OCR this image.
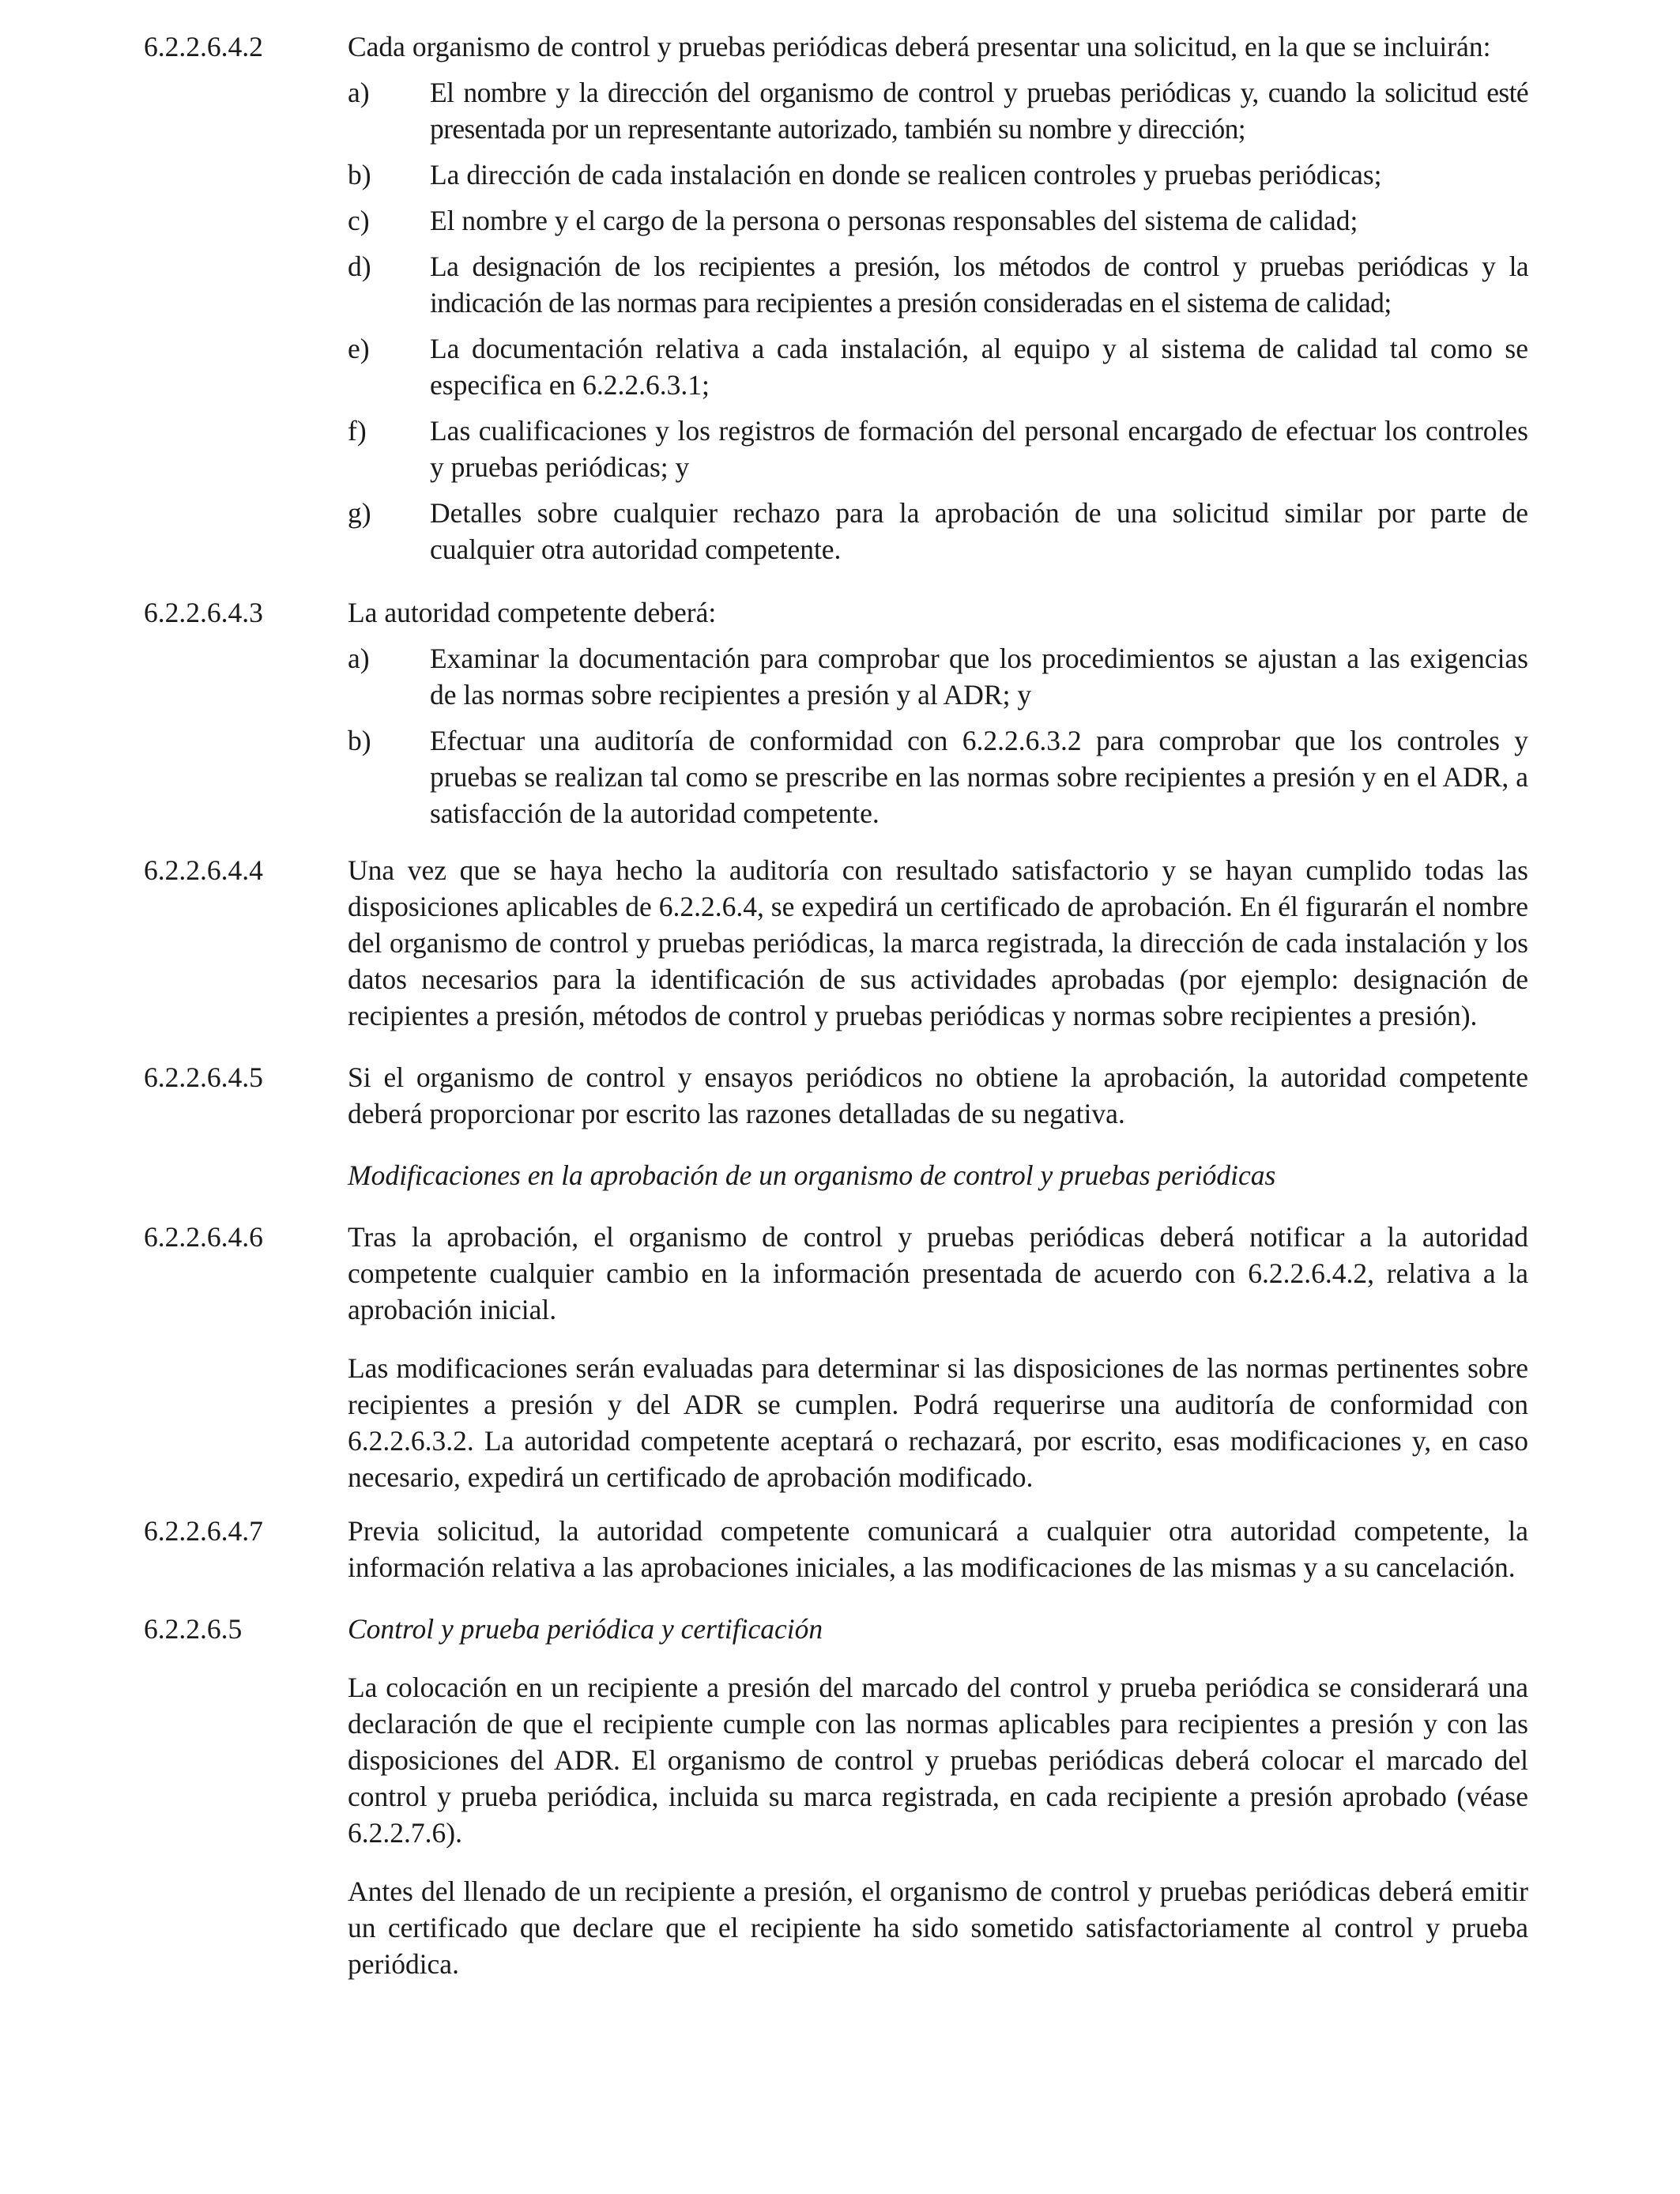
6.2.2.6.4.2	Cada organismo de control y pruebas periódicas deberá presentar una solicitud, en la que se incluirán:

a)	El nombre y la dirección del organismo de control y pruebas periódicas y, cuando la solicitud esté presentada por un representante autorizado, también su nombre y dirección;
b)	La dirección de cada instalación en donde se realicen controles y pruebas periódicas;
c)	El nombre y el cargo de la persona o personas responsables del sistema de calidad;
d)	La designación de los recipientes a presión, los métodos de control y pruebas periódicas y la indicación de las normas para recipientes a presión consideradas en el sistema de calidad;
e)	La documentación relativa a cada instalación, al equipo y al sistema de calidad tal como se especifica en 6.2.2.6.3.1;
f)	Las cualificaciones y los registros de formación del personal encargado de efectuar los controles y pruebas periódicas; y
g)	Detalles sobre cualquier rechazo para la aprobación de una solicitud similar por parte de cualquier otra autoridad competente.
6.2.2.6.4.3	La autoridad competente deberá:

a)	Examinar la documentación para comprobar que los procedimientos se ajustan a las exigencias de las normas sobre recipientes a presión y al ADR; y
b)	Efectuar una auditoría de conformidad con 6.2.2.6.3.2 para comprobar que los controles y pruebas se realizan tal como se prescribe en las normas sobre recipientes a presión y en el ADR, a satisfacción de la autoridad competente.
6.2.2.6.4.4	Una vez que se haya hecho la auditoría con resultado satisfactorio y se hayan cumplido todas las disposiciones aplicables de 6.2.2.6.4, se expedirá un certificado de aprobación. En él figurarán el nombre del organismo de control y pruebas periódicas, la marca registrada, la dirección de cada instalación y los datos necesarios para la identificación de sus actividades aprobadas (por ejemplo: designación de recipientes a presión, métodos de control y pruebas periódicas y normas sobre recipientes a presión).

6.2.2.6.4.5	Si el organismo de control y ensayos periódicos no obtiene la aprobación, la autoridad competente deberá proporcionar por escrito las razones detalladas de su negativa.

Modificaciones en la aprobación de un organismo de control y pruebas periódicas

6.2.2.6.4.6	Tras la aprobación, el organismo de control y pruebas periódicas deberá notificar a la autoridad competente cualquier cambio en la información presentada de acuerdo con 6.2.2.6.4.2, relativa a la aprobación inicial.

Las modificaciones serán evaluadas para determinar si las disposiciones de las normas pertinentes sobre recipientes a presión y del ADR se cumplen. Podrá requerirse una auditoría de conformidad con 6.2.2.6.3.2. La autoridad competente aceptará o rechazará, por escrito, esas modificaciones y, en caso necesario, expedirá un certificado de aprobación modificado.

6.2.2.6.4.7	Previa solicitud, la autoridad competente comunicará a cualquier otra autoridad competente, la información relativa a las aprobaciones iniciales, a las modificaciones de las mismas y a su cancelación.

6.2.2.6.5	Control y prueba periódica y certificación

La colocación en un recipiente a presión del marcado del control y prueba periódica se considerará una declaración de que el recipiente cumple con las normas aplicables para recipientes a presión y con las disposiciones del ADR. El organismo de control y pruebas periódicas deberá colocar el marcado del control y prueba periódica, incluida su marca registrada, en cada recipiente a presión aprobado (véase 6.2.2.7.6).

Antes del llenado de un recipiente a presión, el organismo de control y pruebas periódicas deberá emitir un certificado que declare que el recipiente ha sido sometido satisfactoriamente al control y prueba periódica.
